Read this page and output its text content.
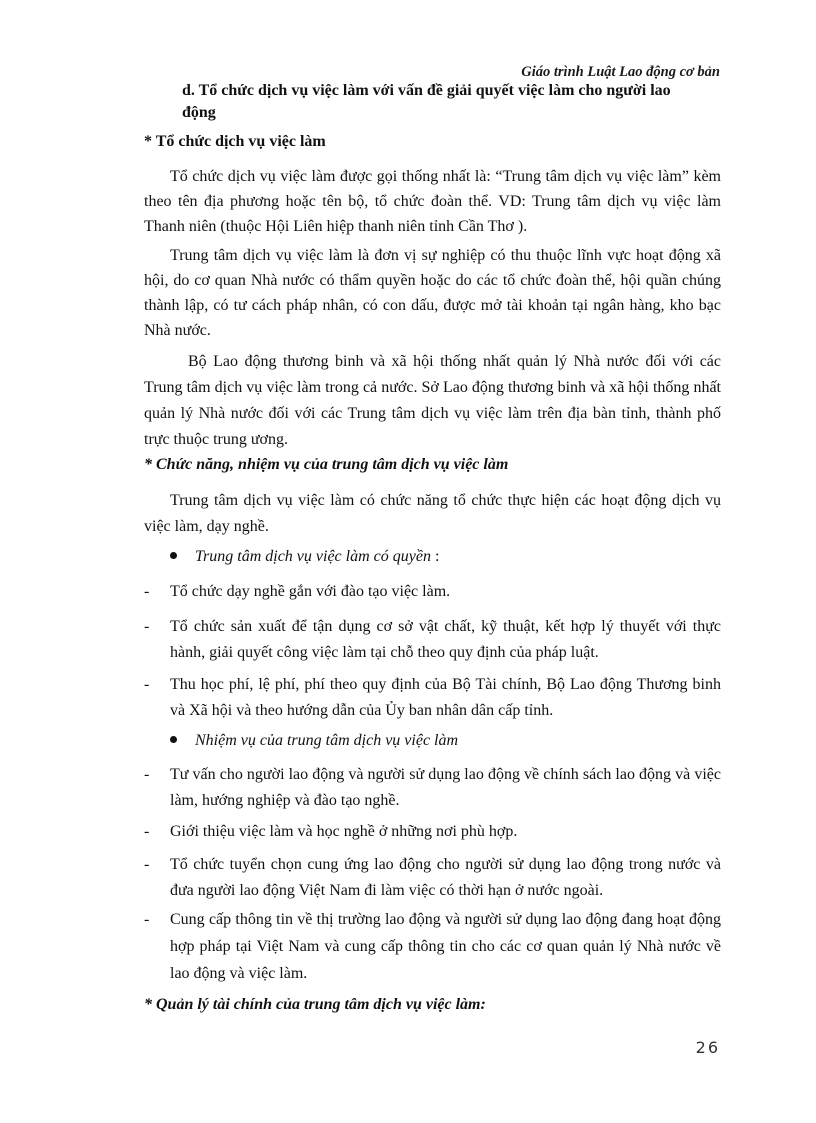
Giáo trình Luật Lao động cơ bản
d. Tổ chức dịch vụ việc làm với vấn đề giải quyết việc làm cho người lao động
* Tổ chức dịch vụ việc làm
Tổ chức dịch vụ việc làm được gọi thống nhất là: “Trung tâm dịch vụ việc làm” kèm theo tên địa phương hoặc tên bộ, tổ chức đoàn thể. VD: Trung tâm dịch vụ việc làm Thanh niên (thuộc Hội Liên hiệp thanh niên tỉnh Cần Thơ ).
Trung tâm dịch vụ việc làm là đơn vị sự nghiệp có thu thuộc lĩnh vực hoạt động xã hội, do cơ quan Nhà nước có thẩm quyền hoặc do các tổ chức đoàn thể, hội quần chúng thành lập, có tư cách pháp nhân, có con dấu, được mở tài khoản tại ngân hàng, kho bạc Nhà nước.
Bộ Lao động thương binh và xã hội thống nhất quản lý Nhà nước đối với các Trung tâm dịch vụ việc làm trong cả nước. Sở Lao động thương binh và xã hội thống nhất quản lý Nhà nước đối với các Trung tâm dịch vụ việc làm trên địa bàn tỉnh, thành phố trực thuộc trung ương.
* Chức năng, nhiệm vụ của trung tâm dịch vụ việc làm
Trung tâm dịch vụ việc làm có chức năng tổ chức thực hiện các hoạt động dịch vụ việc làm, dạy nghề.
Trung tâm dịch vụ việc làm có quyền :
- Tổ chức dạy nghề gắn với đào tạo việc làm.
- Tổ chức sản xuất để tận dụng cơ sở vật chất, kỹ thuật, kết hợp lý thuyết với thực hành, giải quyết công việc làm tại chỗ theo quy định của pháp luật.
- Thu học phí, lệ phí, phí theo quy định của Bộ Tài chính, Bộ Lao động Thương binh và Xã hội và theo hướng dẫn của Ủy ban nhân dân cấp tỉnh.
Nhiệm vụ của trung tâm dịch vụ việc làm
- Tư vấn cho người lao động và người sử dụng lao động về chính sách lao động và việc làm, hướng nghiệp và đào tạo nghề.
- Giới thiệu việc làm và học nghề ở những nơi phù hợp.
- Tổ chức tuyển chọn cung ứng lao động cho người sử dụng lao động trong nước và đưa người lao động Việt Nam đi làm việc có thời hạn ở nước ngoài.
- Cung cấp thông tin về thị trường lao động và người sử dụng lao động đang hoạt động hợp pháp tại Việt Nam và cung cấp thông tin cho các cơ quan quản lý Nhà nước về lao động và việc làm.
* Quản lý tài chính của trung tâm dịch vụ việc làm:
26
